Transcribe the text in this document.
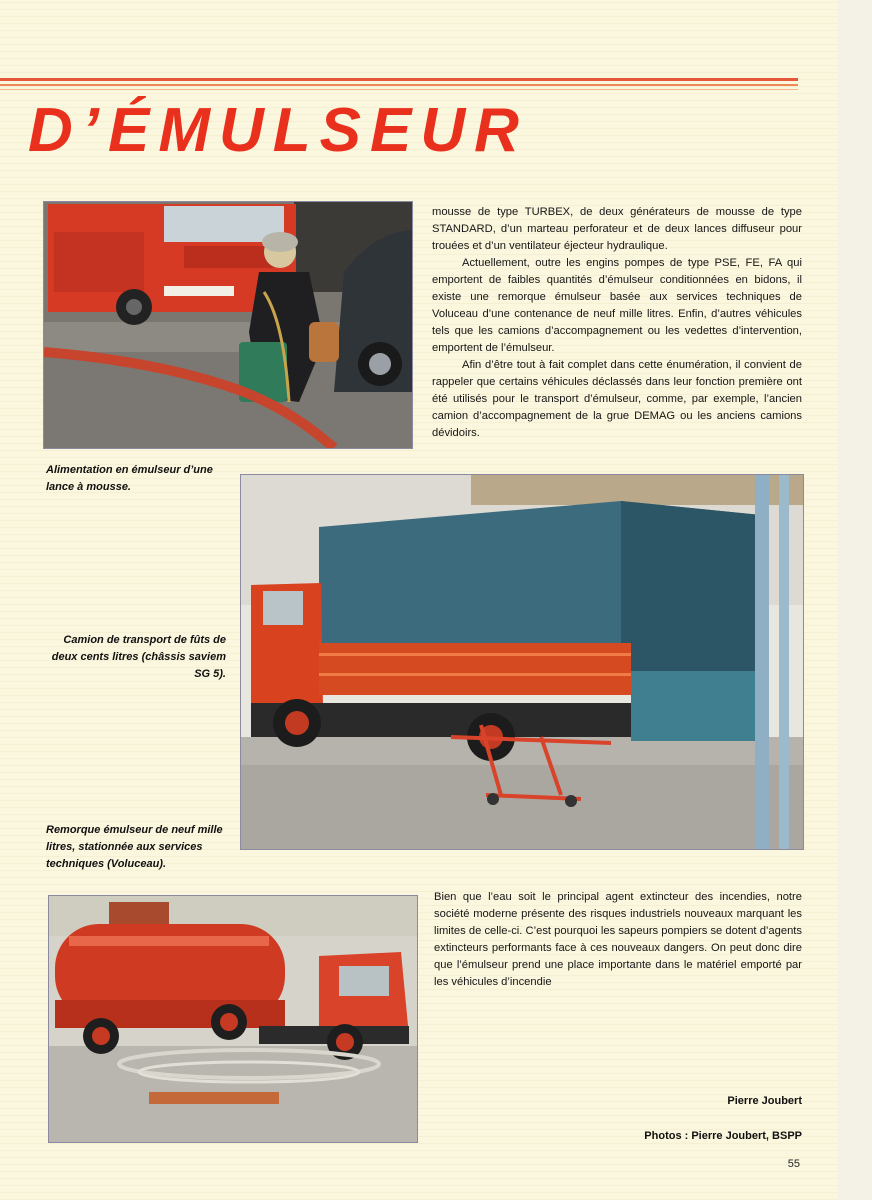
D’ÉMULSEUR

Alimentation en émulseur d’une lance à mousse.

mousse de type TURBEX, de deux générateurs de mousse de type STANDARD, d’un marteau perforateur et de deux lances diffuseur pour trouées et d’un ventilateur éjecteur hydraulique.

Actuellement, outre les engins pompes de type PSE, FE, FA qui emportent de faibles quantités d’émulseur conditionnées en bidons, il existe une remorque émulseur basée aux services techniques de Voluceau d’une contenance de neuf mille litres. Enfin, d’autres véhicules tels que les camions d’accompagnement ou les vedettes d’intervention, emportent de l’émulseur.

Afin d’être tout à fait complet dans cette énumération, il convient de rappeler que certains véhicules déclassés dans leur fonction première ont été utilisés pour le transport d’émulseur, comme, par exemple, l’ancien camion d’accompagnement de la grue DEMAG ou les anciens camions dévidoirs.

Camion de transport de fûts de deux cents litres (châssis saviem SG 5).

Remorque émulseur de neuf mille litres, stationnée aux services techniques (Voluceau).

Bien que l’eau soit le principal agent extincteur des incendies, notre société moderne présente des risques industriels nouveaux marquant les limites de celle-ci. C’est pourquoi les sapeurs pompiers se dotent d’agents extincteurs performants face à ces nouveaux dangers. On peut donc dire que l’émulseur prend une place importante dans le matériel emporté par les véhicules d’incendie

Pierre Joubert

Photos : Pierre Joubert, BSPP

55
